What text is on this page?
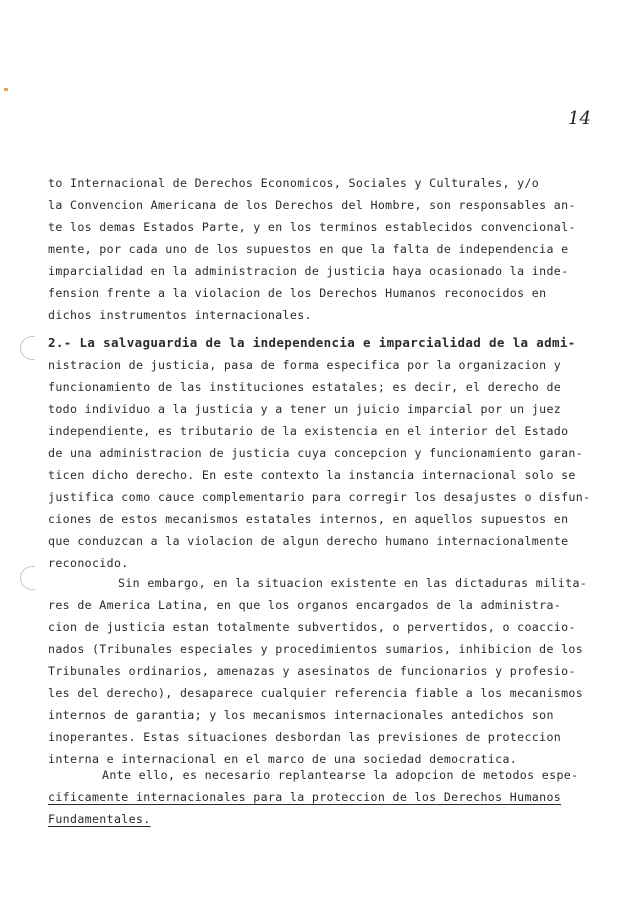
14
to Internacional de Derechos Economicos, Sociales y Culturales, y/o
la Convencion Americana de los Derechos del Hombre, son responsables an-
te los demas Estados Parte, y en los terminos establecidos convencional-
mente, por cada uno de los supuestos en que la falta de independencia e
imparcialidad en la administracion de justicia haya ocasionado la inde-
fension frente a la violacion de los Derechos Humanos reconocidos en
dichos instrumentos internacionales.
2.- La salvaguardia de la independencia e imparcialidad de la admi-
nistracion de justicia, pasa de forma especifica por la organizacion y
funcionamiento de las instituciones estatales; es decir, el derecho de
todo individuo a la justicia y a tener un juicio imparcial por un juez
independiente, es tributario de la existencia en el interior del Estado
de una administracion de justicia cuya concepcion y funcionamiento garan-
ticen dicho derecho. En este contexto la instancia internacional solo se
justifica como cauce complementario para corregir los desajustes o disfun-
ciones de estos mecanismos estatales internos, en aquellos supuestos en
que conduzcan a la violacion de algun derecho humano internacionalmente
reconocido.
Sin embargo, en la situacion existente en las dictaduras milita-
res de America Latina, en que los organos encargados de la administra-
cion de justicia estan totalmente subvertidos, o pervertidos, o coaccio-
nados (Tribunales especiales y procedimientos sumarios, inhibicion de los
Tribunales ordinarios, amenazas y asesinatos de funcionarios y profesio-
les del derecho), desaparece cualquier referencia fiable a los mecanismos
internos de garantia; y los mecanismos internacionales antedichos son
inoperantes. Estas situaciones desbordan las previsiones de proteccion
interna e internacional en el marco de una sociedad democratica.
Ante ello, es necesario replantearse la adopcion de metodos espe-
cificamente internacionales para la proteccion de los Derechos Humanos
Fundamentales.
